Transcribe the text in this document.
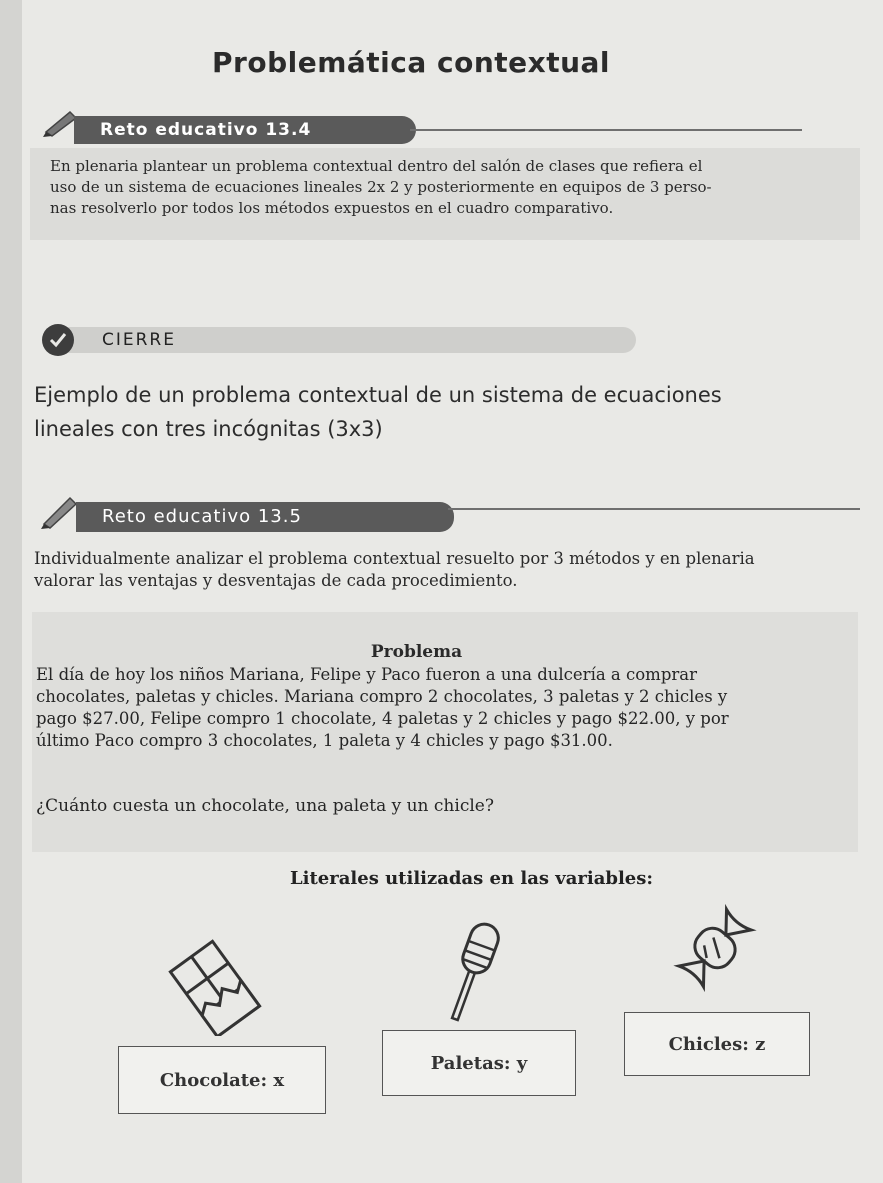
Problemática contextual
Reto educativo 13.4
En plenaria plantear un problema contextual dentro del salón de clases que refiera el
uso de un sistema de ecuaciones lineales 2x 2 y posteriormente en equipos de 3 perso-
nas resolverlo por todos los métodos expuestos en el cuadro comparativo.
CIERRE
Ejemplo de un problema contextual de un sistema de ecuaciones
lineales con tres incógnitas (3x3)
Reto educativo 13.5
Individualmente analizar el problema contextual resuelto por 3 métodos y en plenaria
valorar las ventajas y desventajas de cada procedimiento.
Problema
El día de hoy los niños Mariana, Felipe y Paco fueron a una dulcería a comprar
chocolates, paletas y chicles. Mariana compro 2 chocolates, 3 paletas y 2 chicles y
pago $27.00, Felipe compro 1 chocolate, 4 paletas y 2 chicles y pago $22.00, y por
último Paco compro 3 chocolates, 1 paleta y 4 chicles y pago $31.00.
¿Cuánto cuesta un chocolate, una paleta y un chicle?
Literales utilizadas en las variables:
Chocolate: x
Paletas: y
Chicles: z
